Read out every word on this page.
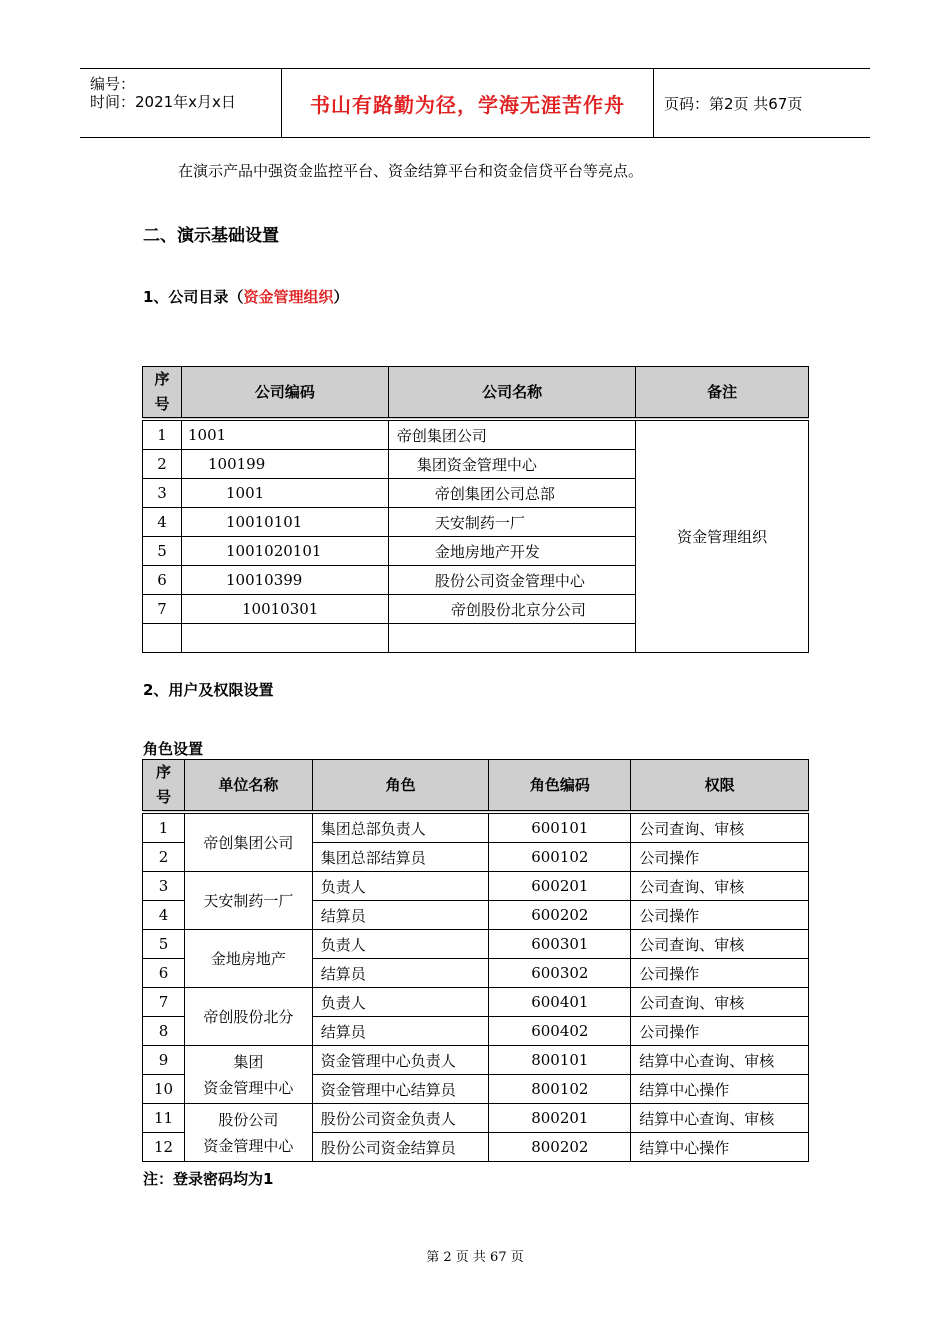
编号：
时间：2021年x月x日	书山有路勤为径，学海无涯苦作舟	页码：第2页 共67页
在演示产品中强资金监控平台、资金结算平台和资金信贷平台等亮点。
二、演示基础设置
1、公司目录（资金管理组织）
序号	公司编码	公司名称	备注
1	1001	帝创集团公司	资金管理组织
2	100199	集团资金管理中心	
3	1001	帝创集团公司总部	
4	10010101	天安制药一厂	
5	1001020101	金地房地产开发	
6	10010399	股份公司资金管理中心	
7	10010301	帝创股份北京分公司	

2、用户及权限设置
角色设置
序号	单位名称	角色	角色编码	权限
1	帝创集团公司	集团总部负责人	600101	公司查询、审核
2		集团总部结算员	600102	公司操作
3	天安制药一厂	负责人	600201	公司查询、审核
4		结算员	600202	公司操作
5	金地房地产	负责人	600301	公司查询、审核
6		结算员	600302	公司操作
7	帝创股份北分	负责人	600401	公司查询、审核
8		结算员	600402	公司操作
9	集团
资金管理中心	资金管理中心负责人	800101	结算中心查询、审核
10		资金管理中心结算员	800102	结算中心操作
11	股份公司
资金管理中心	股份公司资金负责人	800201	结算中心查询、审核
12		股份公司资金结算员	800202	结算中心操作
注：登录密码均为1
第 2 页 共 67 页
